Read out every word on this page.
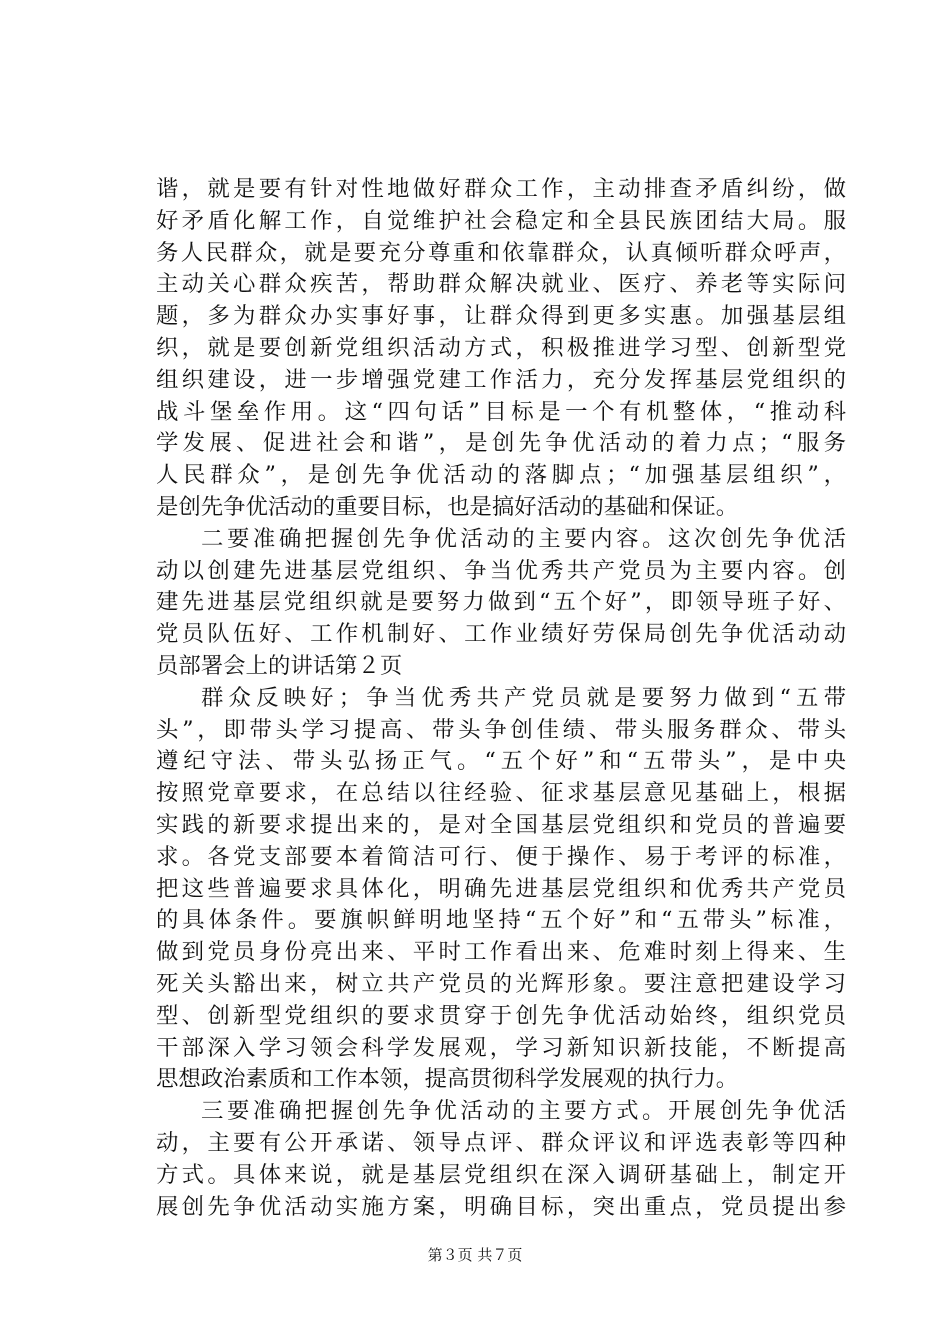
谐，就是要有针对性地做好群众工作，主动排查矛盾纠纷，做
好矛盾化解工作，自觉维护社会稳定和全县民族团结大局。服
务人民群众，就是要充分尊重和依靠群众，认真倾听群众呼声，
主动关心群众疾苦，帮助群众解决就业、医疗、养老等实际问
题，多为群众办实事好事，让群众得到更多实惠。加强基层组
织，就是要创新党组织活动方式，积极推进学习型、创新型党
组织建设，进一步增强党建工作活力，充分发挥基层党组织的
战斗堡垒作用。这“四句话”目标是一个有机整体，“推动科
学发展、促进社会和谐”，是创先争优活动的着力点；“服务
人民群众”，是创先争优活动的落脚点；“加强基层组织”，
是创先争优活动的重要目标，也是搞好活动的基础和保证。
二要准确把握创先争优活动的主要内容。这次创先争优活
动以创建先进基层党组织、争当优秀共产党员为主要内容。创
建先进基层党组织就是要努力做到“五个好”，即领导班子好、
党员队伍好、工作机制好、工作业绩好劳保局创先争优活动动
员部署会上的讲话第２页
群众反映好；争当优秀共产党员就是要努力做到“五带
头”，即带头学习提高、带头争创佳绩、带头服务群众、带头
遵纪守法、带头弘扬正气。“五个好”和“五带头”，是中央
按照党章要求，在总结以往经验、征求基层意见基础上，根据
实践的新要求提出来的，是对全国基层党组织和党员的普遍要
求。各党支部要本着简洁可行、便于操作、易于考评的标准，
把这些普遍要求具体化，明确先进基层党组织和优秀共产党员
的具体条件。要旗帜鲜明地坚持“五个好”和“五带头”标准，
做到党员身份亮出来、平时工作看出来、危难时刻上得来、生
死关头豁出来，树立共产党员的光辉形象。要注意把建设学习
型、创新型党组织的要求贯穿于创先争优活动始终，组织党员
干部深入学习领会科学发展观，学习新知识新技能，不断提高
思想政治素质和工作本领，提高贯彻科学发展观的执行力。
三要准确把握创先争优活动的主要方式。开展创先争优活
动，主要有公开承诺、领导点评、群众评议和评选表彰等四种
方式。具体来说，就是基层党组织在深入调研基础上，制定开
展创先争优活动实施方案，明确目标，突出重点，党员提出参
第３页 共７页
